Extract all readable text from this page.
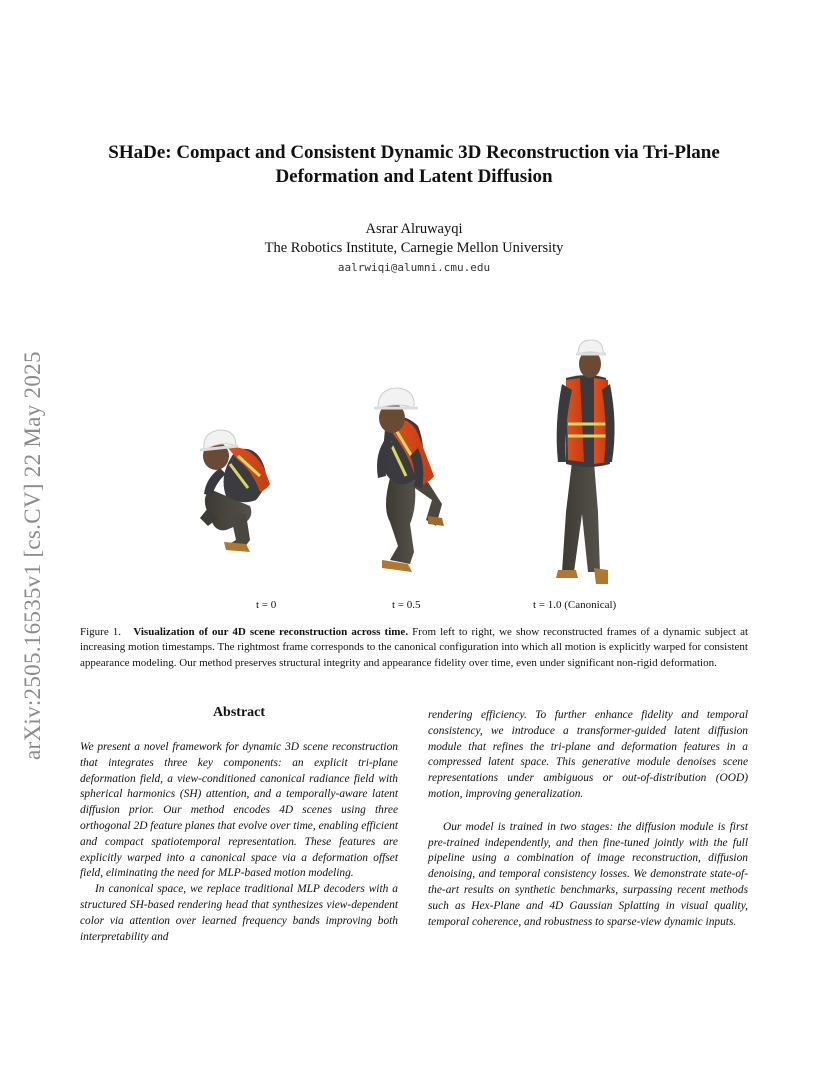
arXiv:2505.16535v1 [cs.CV] 22 May 2025
SHaDe: Compact and Consistent Dynamic 3D Reconstruction via Tri-Plane Deformation and Latent Diffusion
Asrar Alruwayqi
The Robotics Institute, Carnegie Mellon University
aalrwiqi@alumni.cmu.edu
t = 0	t = 0.5	t = 1.0 (Canonical)

Figure 1. Visualization of our 4D scene reconstruction across time. From left to right, we show reconstructed frames of a dynamic subject at increasing motion timestamps. The rightmost frame corresponds to the canonical configuration into which all motion is explicitly warped for consistent appearance modeling. Our method preserves structural integrity and appearance fidelity over time, even under significant non-rigid deformation.

Abstract

We present a novel framework for dynamic 3D scene reconstruction that integrates three key components: an explicit tri-plane deformation field, a view-conditioned canonical radiance field with spherical harmonics (SH) attention, and a temporally-aware latent diffusion prior. Our method encodes 4D scenes using three orthogonal 2D feature planes that evolve over time, enabling efficient and compact spatiotemporal representation. These features are explicitly warped into a canonical space via a deformation offset field, eliminating the need for MLP-based motion modeling.

In canonical space, we replace traditional MLP decoders with a structured SH-based rendering head that synthesizes view-dependent color via attention over learned frequency bands improving both interpretability and

rendering efficiency. To further enhance fidelity and temporal consistency, we introduce a transformer-guided latent diffusion module that refines the tri-plane and deformation features in a compressed latent space. This generative module denoises scene representations under ambiguous or out-of-distribution (OOD) motion, improving generalization.

Our model is trained in two stages: the diffusion module is first pre-trained independently, and then fine-tuned jointly with the full pipeline using a combination of image reconstruction, diffusion denoising, and temporal consistency losses. We demonstrate state-of-the-art results on synthetic benchmarks, surpassing recent methods such as Hex-Plane and 4D Gaussian Splatting in visual quality, temporal coherence, and robustness to sparse-view dynamic inputs.
